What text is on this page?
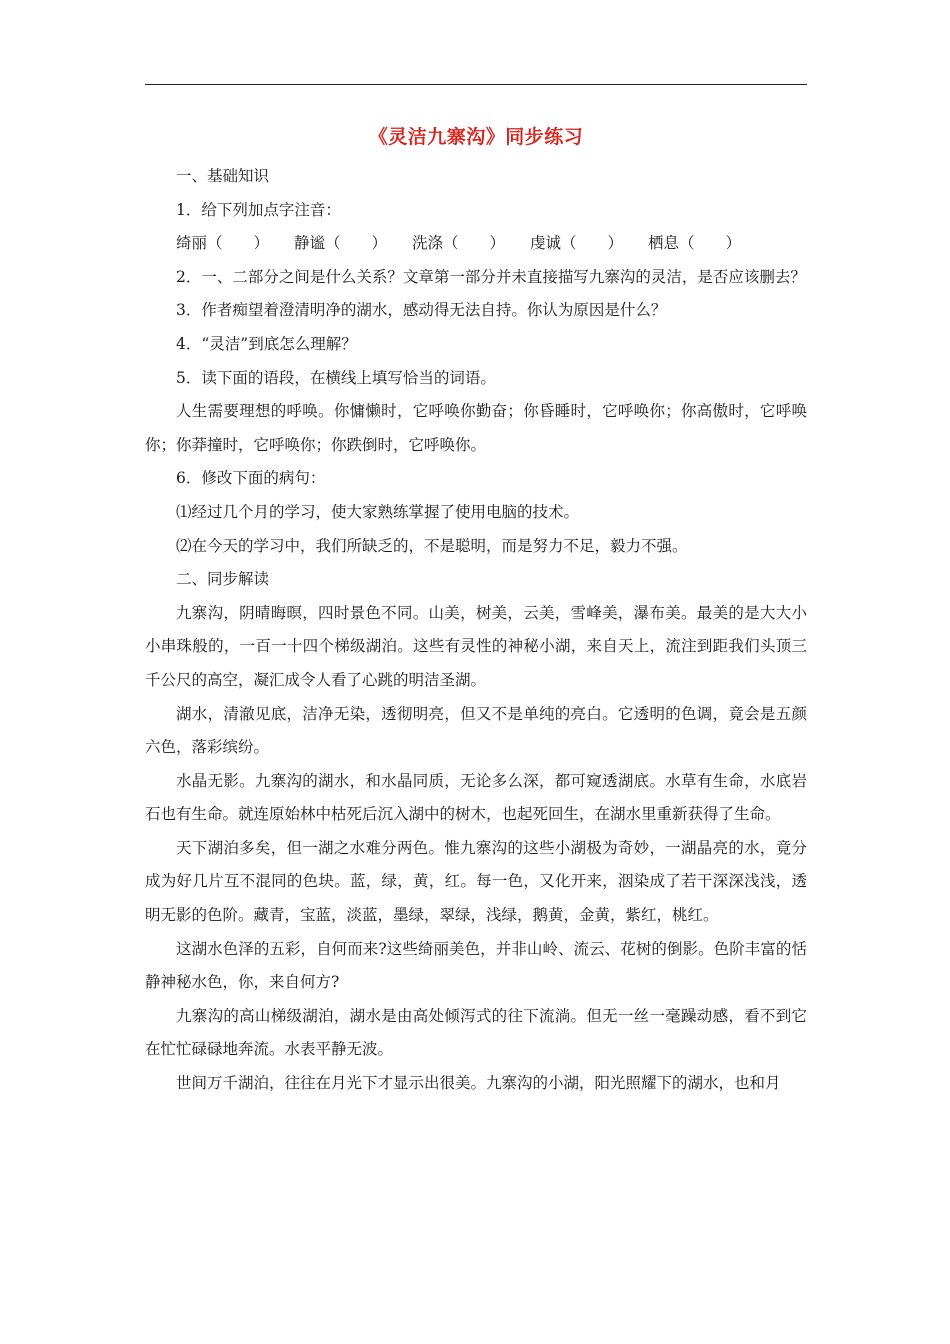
《灵洁九寨沟》同步练习

一、基础知识

1．给下列加点字注音：

绮丽（　　）	静谧（　　）	洗涤（　　）	虔诚（　　）	栖息（　　）

2．一、二部分之间是什么关系？文章第一部分并未直接描写九寨沟的灵洁，是否应该删去？

3．作者痴望着澄清明净的湖水，感动得无法自持。你认为原因是什么？

4．“灵洁”到底怎么理解？

5．读下面的语段，在横线上填写恰当的词语。

人生需要理想的呼唤。你慵懒时，它呼唤你勤奋；你昏睡时，它呼唤你；你高傲时，它呼唤你；你莽撞时，它呼唤你；你跌倒时，它呼唤你。

6．修改下面的病句：

⑴经过几个月的学习，使大家熟练掌握了使用电脑的技术。

⑵在今天的学习中，我们所缺乏的，不是聪明，而是努力不足，毅力不强。

二、同步解读

九寨沟，阴晴晦暝，四时景色不同。山美，树美，云美，雪峰美，瀑布美。最美的是大大小小串珠般的，一百一十四个梯级湖泊。这些有灵性的神秘小湖，来自天上，流注到距我们头顶三千公尺的高空，凝汇成令人看了心跳的明洁圣湖。

湖水，清澈见底，洁净无染，透彻明亮，但又不是单纯的亮白。它透明的色调，竟会是五颜六色，落彩缤纷。

水晶无影。九寨沟的湖水，和水晶同质，无论多么深，都可窥透湖底。水草有生命，水底岩石也有生命。就连原始林中枯死后沉入湖中的树木，也起死回生，在湖水里重新获得了生命。

天下湖泊多矣，但一湖之水难分两色。惟九寨沟的这些小湖极为奇妙，一湖晶亮的水，竟分成为好几片互不混同的色块。蓝，绿，黄，红。每一色，又化开来，洇染成了若干深深浅浅，透明无影的色阶。藏青，宝蓝，淡蓝，墨绿，翠绿，浅绿，鹅黄，金黄，紫红，桃红。

这湖水色泽的五彩，自何而来?这些绮丽美色，并非山岭、流云、花树的倒影。色阶丰富的恬静神秘水色，你，来自何方?

九寨沟的高山梯级湖泊，湖水是由高处倾泻式的往下流淌。但无一丝一毫躁动感，看不到它在忙忙碌碌地奔流。水表平静无波。

世间万千湖泊，往往在月光下才显示出很美。九寨沟的小湖，阳光照耀下的湖水，也和月
